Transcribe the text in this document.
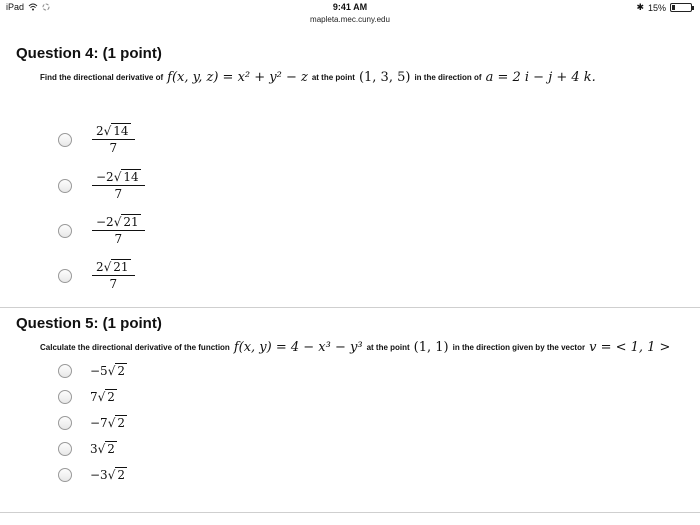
iPad	9:41 AM	✱ 15%
mapleta.mec.cuny.edu
Question 4: (1 point)
Find the directional derivative of f(x, y, z) = x² + y² − z at the point (1, 3, 5) in the direction of a = 2 i − j + 4 k.
$\frac{2√ 14}{7}$
$\frac{-2√ 14}{7}$
$\frac{-2√ 21}{7}$
$\frac{2√ 21}{7}$
Question 5: (1 point)
Calculate the directional derivative of the function f(x, y) = 4 − x³ − y³ at the point (1, 1) in the direction given by the vector v = < 1, 1 >
−5√ 2
7√ 2
−7√ 2
3√ 2
−3√ 2
